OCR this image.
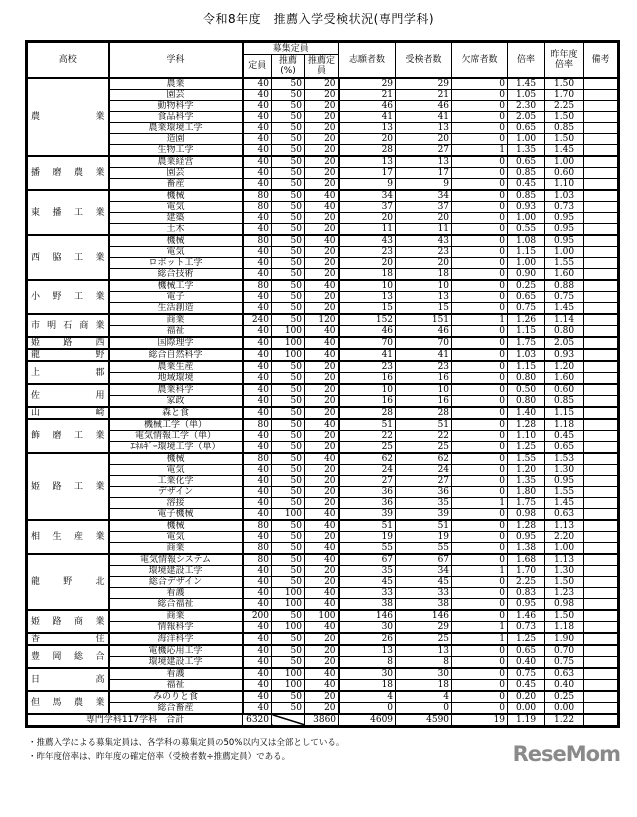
令和8年度　推薦入学受検状況(専門学科)
高校	学科	募集定員			志願者数	受検者数	欠席者数	倍率	昨年度倍率	備考
		定員	推薦(%)	推薦定員						
農業	農業	40	50	20	29	29	0	1.45	1.50	
	園芸	40	50	20	21	21	0	1.05	1.70	
	動物科学	40	50	20	46	46	0	2.30	2.25	
	食品科学	40	50	20	41	41	0	2.05	1.50	
	農業環境工学	40	50	20	13	13	0	0.65	0.85	
	造園	40	50	20	20	20	0	1.00	1.50	
	生物工学	40	50	20	28	27	1	1.35	1.45	
播磨農業	農業経営	40	50	20	13	13	0	0.65	1.00	
	園芸	40	50	20	17	17	0	0.85	0.60	
	畜産	40	50	20	9	9	0	0.45	1.10	
東播工業	機械	80	50	40	34	34	0	0.85	1.03	
	電気	80	50	40	37	37	0	0.93	0.73	
	建築	40	50	20	20	20	0	1.00	0.95	
	土木	40	50	20	11	11	0	0.55	0.95	
西脇工業	機械	80	50	40	43	43	0	1.08	0.95	
	電気	40	50	20	23	23	0	1.15	1.00	
	ロボット工学	40	50	20	20	20	0	1.00	1.55	
	総合技術	40	50	20	18	18	0	0.90	1.60	
小野工業	機械工学	80	50	40	10	10	0	0.25	0.88	
	電子	40	50	20	13	13	0	0.65	0.75	
	生活創造	40	50	20	15	15	0	0.75	1.45	
市明石商業	商業	240	50	120	152	151	1	1.26	1.14	
	福祉	40	100	40	46	46	0	1.15	0.80	
姫路西	国際理学	40	100	40	70	70	0	1.75	2.05	
龍野	総合自然科学	40	100	40	41	41	0	1.03	0.93	
上郡	農業生産	40	50	20	23	23	0	1.15	1.20	
	地域環境	40	50	20	16	16	0	0.80	1.60	
佐用	農業科学	40	50	20	10	10	0	0.50	0.60	
	家政	40	50	20	16	16	0	0.80	0.85	
山崎	森と食	40	50	20	28	28	0	1.40	1.15	
飾磨工業	機械工学（単）	80	50	40	51	51	0	1.28	1.18	
	電気情報工学（単）	40	50	20	22	22	0	1.10	0.45	
	ｴﾈﾙｷﾞｰ環境工学（単）	40	50	20	25	25	0	1.25	0.65	
姫路工業	機械	80	50	40	62	62	0	1.55	1.53	
	電気	40	50	20	24	24	0	1.20	1.30	
	工業化学	40	50	20	27	27	0	1.35	0.95	
	デザイン	40	50	20	36	36	0	1.80	1.55	
	溶接	40	50	20	36	35	1	1.75	1.45	
	電子機械	40	100	40	39	39	0	0.98	0.63	
相生産業	機械	80	50	40	51	51	0	1.28	1.13	
	電気	40	50	20	19	19	0	0.95	2.20	
	商業	80	50	40	55	55	0	1.38	1.00	
龍野北	電気情報システム	80	50	40	67	67	0	1.68	1.13	
	環境建設工学	40	50	20	35	34	1	1.70	1.30	
	総合デザイン	40	50	20	45	45	0	2.25	1.50	
	看護	40	100	40	33	33	0	0.83	1.23	
	総合福祉	40	100	40	38	38	0	0.95	0.98	
姫路商業	商業	200	50	100	146	146	0	1.46	1.50	
	情報科学	40	100	40	30	29	1	0.73	1.18	
香住	海洋科学	40	50	20	26	25	1	1.25	1.90	
豊岡総合	電機応用工学	40	50	20	13	13	0	0.65	0.70	
	環境建設工学	40	50	20	8	8	0	0.40	0.75	
日高	看護	40	100	40	30	30	0	0.75	0.63	
	福祉	40	100	40	18	18	0	0.45	0.40	
但馬農業	みのりと食	40	50	20	4	4	0	0.20	0.25	
	総合畜産	40	50	20	0	0	0	0.00	0.00	
専門学科117学科　合計		6320		3860	4609	4590	19	1.19	1.22	
・推薦入学による募集定員は、各学科の募集定員の50%以内又は全部としている。
・昨年度倍率は、昨年度の確定倍率（受検者数÷推薦定員）である。	ReseMom
